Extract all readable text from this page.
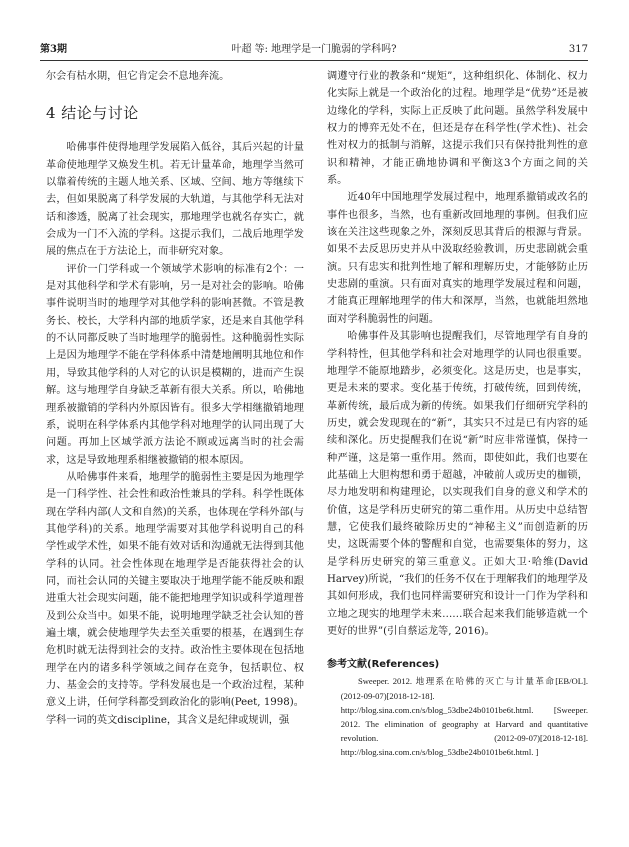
第3期	叶超 等: 地理学是一门脆弱的学科吗?	317

尔会有枯水期，但它肯定会不息地奔流。

4 结论与讨论

哈佛事件使得地理学发展陷入低谷，其后兴起的计量革命使地理学又焕发生机。若无计量革命，地理学当然可以靠着传统的主题人地关系、区域、空间、地方等继续下去，但如果脱离了科学发展的大轨道，与其他学科无法对话和渗透，脱离了社会现实，那地理学也就名存实亡，就会成为一门不入流的学科。这提示我们，二战后地理学发展的焦点在于方法论上，而非研究对象。

评价一门学科或一个领域学术影响的标准有2个：一是对其他科学和学术有影响，另一是对社会的影响。哈佛事件说明当时的地理学对其他学科的影响甚微。不管是教务长、校长，大学科内部的地质学家，还是来自其他学科的不认同都反映了当时地理学的脆弱性。这种脆弱性实际上是因为地理学不能在学科体系中清楚地阐明其地位和作用，导致其他学科的人对它的认识是模糊的，进而产生误解。这与地理学自身缺乏革新有很大关系。所以，哈佛地理系被撤销的学科内外原因皆有。很多大学相继撤销地理系，说明在科学体系内其他学科对地理学的认同出现了大问题。再加上区域学派方法论不顾或远离当时的社会需求，这是导致地理系相继被撤销的根本原因。

从哈佛事件来看，地理学的脆弱性主要是因为地理学是一门科学性、社会性和政治性兼具的学科。科学性既体现在学科内部(人文和自然)的关系，也体现在学科外部(与其他学科)的关系。地理学需要对其他学科说明自己的科学性或学术性，如果不能有效对话和沟通就无法得到其他学科的认同。社会性体现在地理学是否能获得社会的认同，而社会认同的关键主要取决于地理学能不能反映和跟进重大社会现实问题，能不能把地理学知识或科学道理普及到公众当中。如果不能，说明地理学缺乏社会认知的普遍土壤，就会使地理学失去至关重要的根基，在遇到生存危机时就无法得到社会的支持。政治性主要体现在包括地理学在内的诸多科学领域之间存在竞争，包括职位、权力、基金会的支持等。学科发展也是一个政治过程，某种意义上讲，任何学科都受到政治化的影响(Peet, 1998)。学科一词的英文discipline，其含义是纪律或规训，强

调遵守行业的教条和“规矩”，这种组织化、体制化、权力化实际上就是一个政治化的过程。地理学是“优势”还是被边缘化的学科，实际上正反映了此问题。虽然学科发展中权力的博弈无处不在，但还是存在科学性(学术性)、社会性对权力的抵制与消解，这提示我们只有保持批判性的意识和精神，才能正确地协调和平衡这3个方面之间的关系。

近40年中国地理学发展过程中，地理系撤销或改名的事件也很多，当然，也有重新改回地理的事例。但我们应该在关注这些现象之外，深刻反思其背后的根源与背景。如果不去反思历史并从中汲取经验教训，历史悲剧就会重演。只有忠实和批判性地了解和理解历史，才能够防止历史悲剧的重演。只有面对真实的地理学发展过程和问题，才能真正理解地理学的伟大和深厚，当然，也就能坦然地面对学科脆弱性的问题。

哈佛事件及其影响也提醒我们，尽管地理学有自身的学科特性，但其他学科和社会对地理学的认同也很重要。地理学不能原地踏步，必须变化。这是历史，也是事实，更是未来的要求。变化基于传统，打破传统，回到传统，革新传统，最后成为新的传统。如果我们仔细研究学科的历史，就会发现现在的“新”，其实只不过是已有内容的延续和深化。历史提醒我们在说“新”时应非常谨慎，保持一种严谨，这是第一重作用。然而，即使如此，我们也要在此基础上大胆构想和勇于超越，冲破前人或历史的枷锁，尽力地发明和构建理论，以实现我们自身的意义和学术的价值，这是学科历史研究的第二重作用。从历史中总结智慧，它使我们最终破除历史的“神秘主义”而创造新的历史，这既需要个体的警醒和自觉，也需要集体的努力，这是学科历史研究的第三重意义。正如大卫·哈维(David Harvey)所说，“我们的任务不仅在于理解我们的地理学及其如何形成，我们也同样需要研究和设计一门作为学科和立地之现实的地理学未来……联合起来我们能够造就一个更好的世界”(引自蔡运龙等, 2016)。

参考文献(References)

Sweeper. 2012. 地理系在哈佛的灭亡与计量革命[EB/OL]. (2012-09-07)[2018-12-18]. http://blog.sina.com.cn/s/blog_53dbe24b0101be6t.html. [Sweeper. 2012. The elimination of geography at Harvard and quantitative revolution. (2012-09-07)[2018-12-18]. http://blog.sina.com.cn/s/blog_53dbe24b0101be6t.html. ]
